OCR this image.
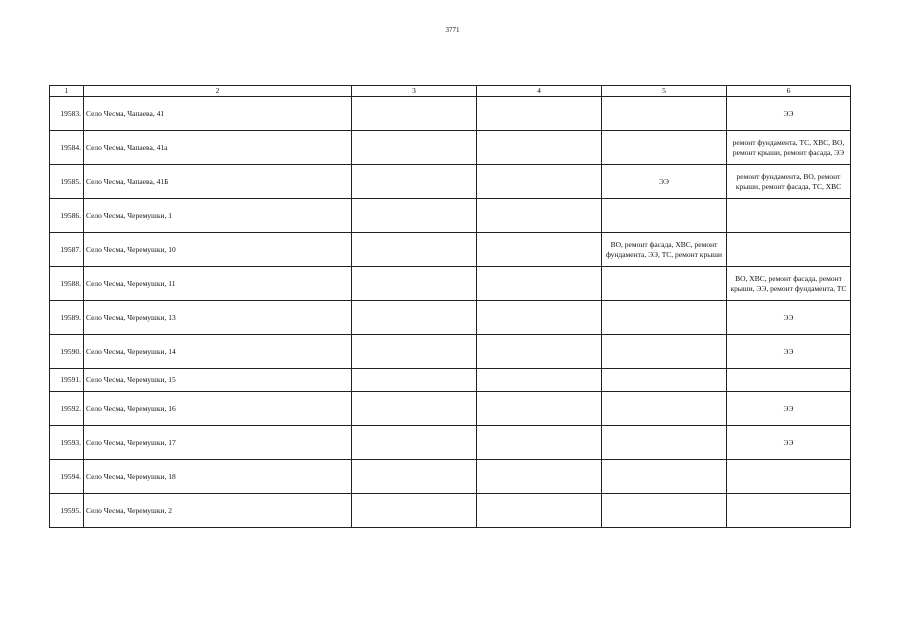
3771
1	2	3	4	5	6
19583.	Село Чесма, Чапаева, 41				ЭЭ
19584.	Село Чесма, Чапаева, 41а				ремонт фундамента, ТС, ХВС, ВО, ремонт крыши, ремонт фасада, ЭЭ
19585.	Село Чесма, Чапаева, 41Б			ЭЭ	ремонт фундамента, ВО, ремонт крыши, ремонт фасада, ТС, ХВС
19586.	Село Чесма, Черемушки, 1				
19587.	Село Чесма, Черемушки, 10			ВО, ремонт фасада, ХВС, ремонт фундамента, ЭЭ, ТС, ремонт крыши	
19588.	Село Чесма, Черемушки, 11				ВО, ХВС, ремонт фасада, ремонт крыши, ЭЭ, ремонт фундамента, ТС
19589.	Село Чесма, Черемушки, 13				ЭЭ
19590.	Село Чесма, Черемушки, 14				ЭЭ
19591.	Село Чесма, Черемушки, 15				
19592.	Село Чесма, Черемушки, 16				ЭЭ
19593.	Село Чесма, Черемушки, 17				ЭЭ
19594.	Село Чесма, Черемушки, 18				
19595.	Село Чесма, Черемушки, 2				
